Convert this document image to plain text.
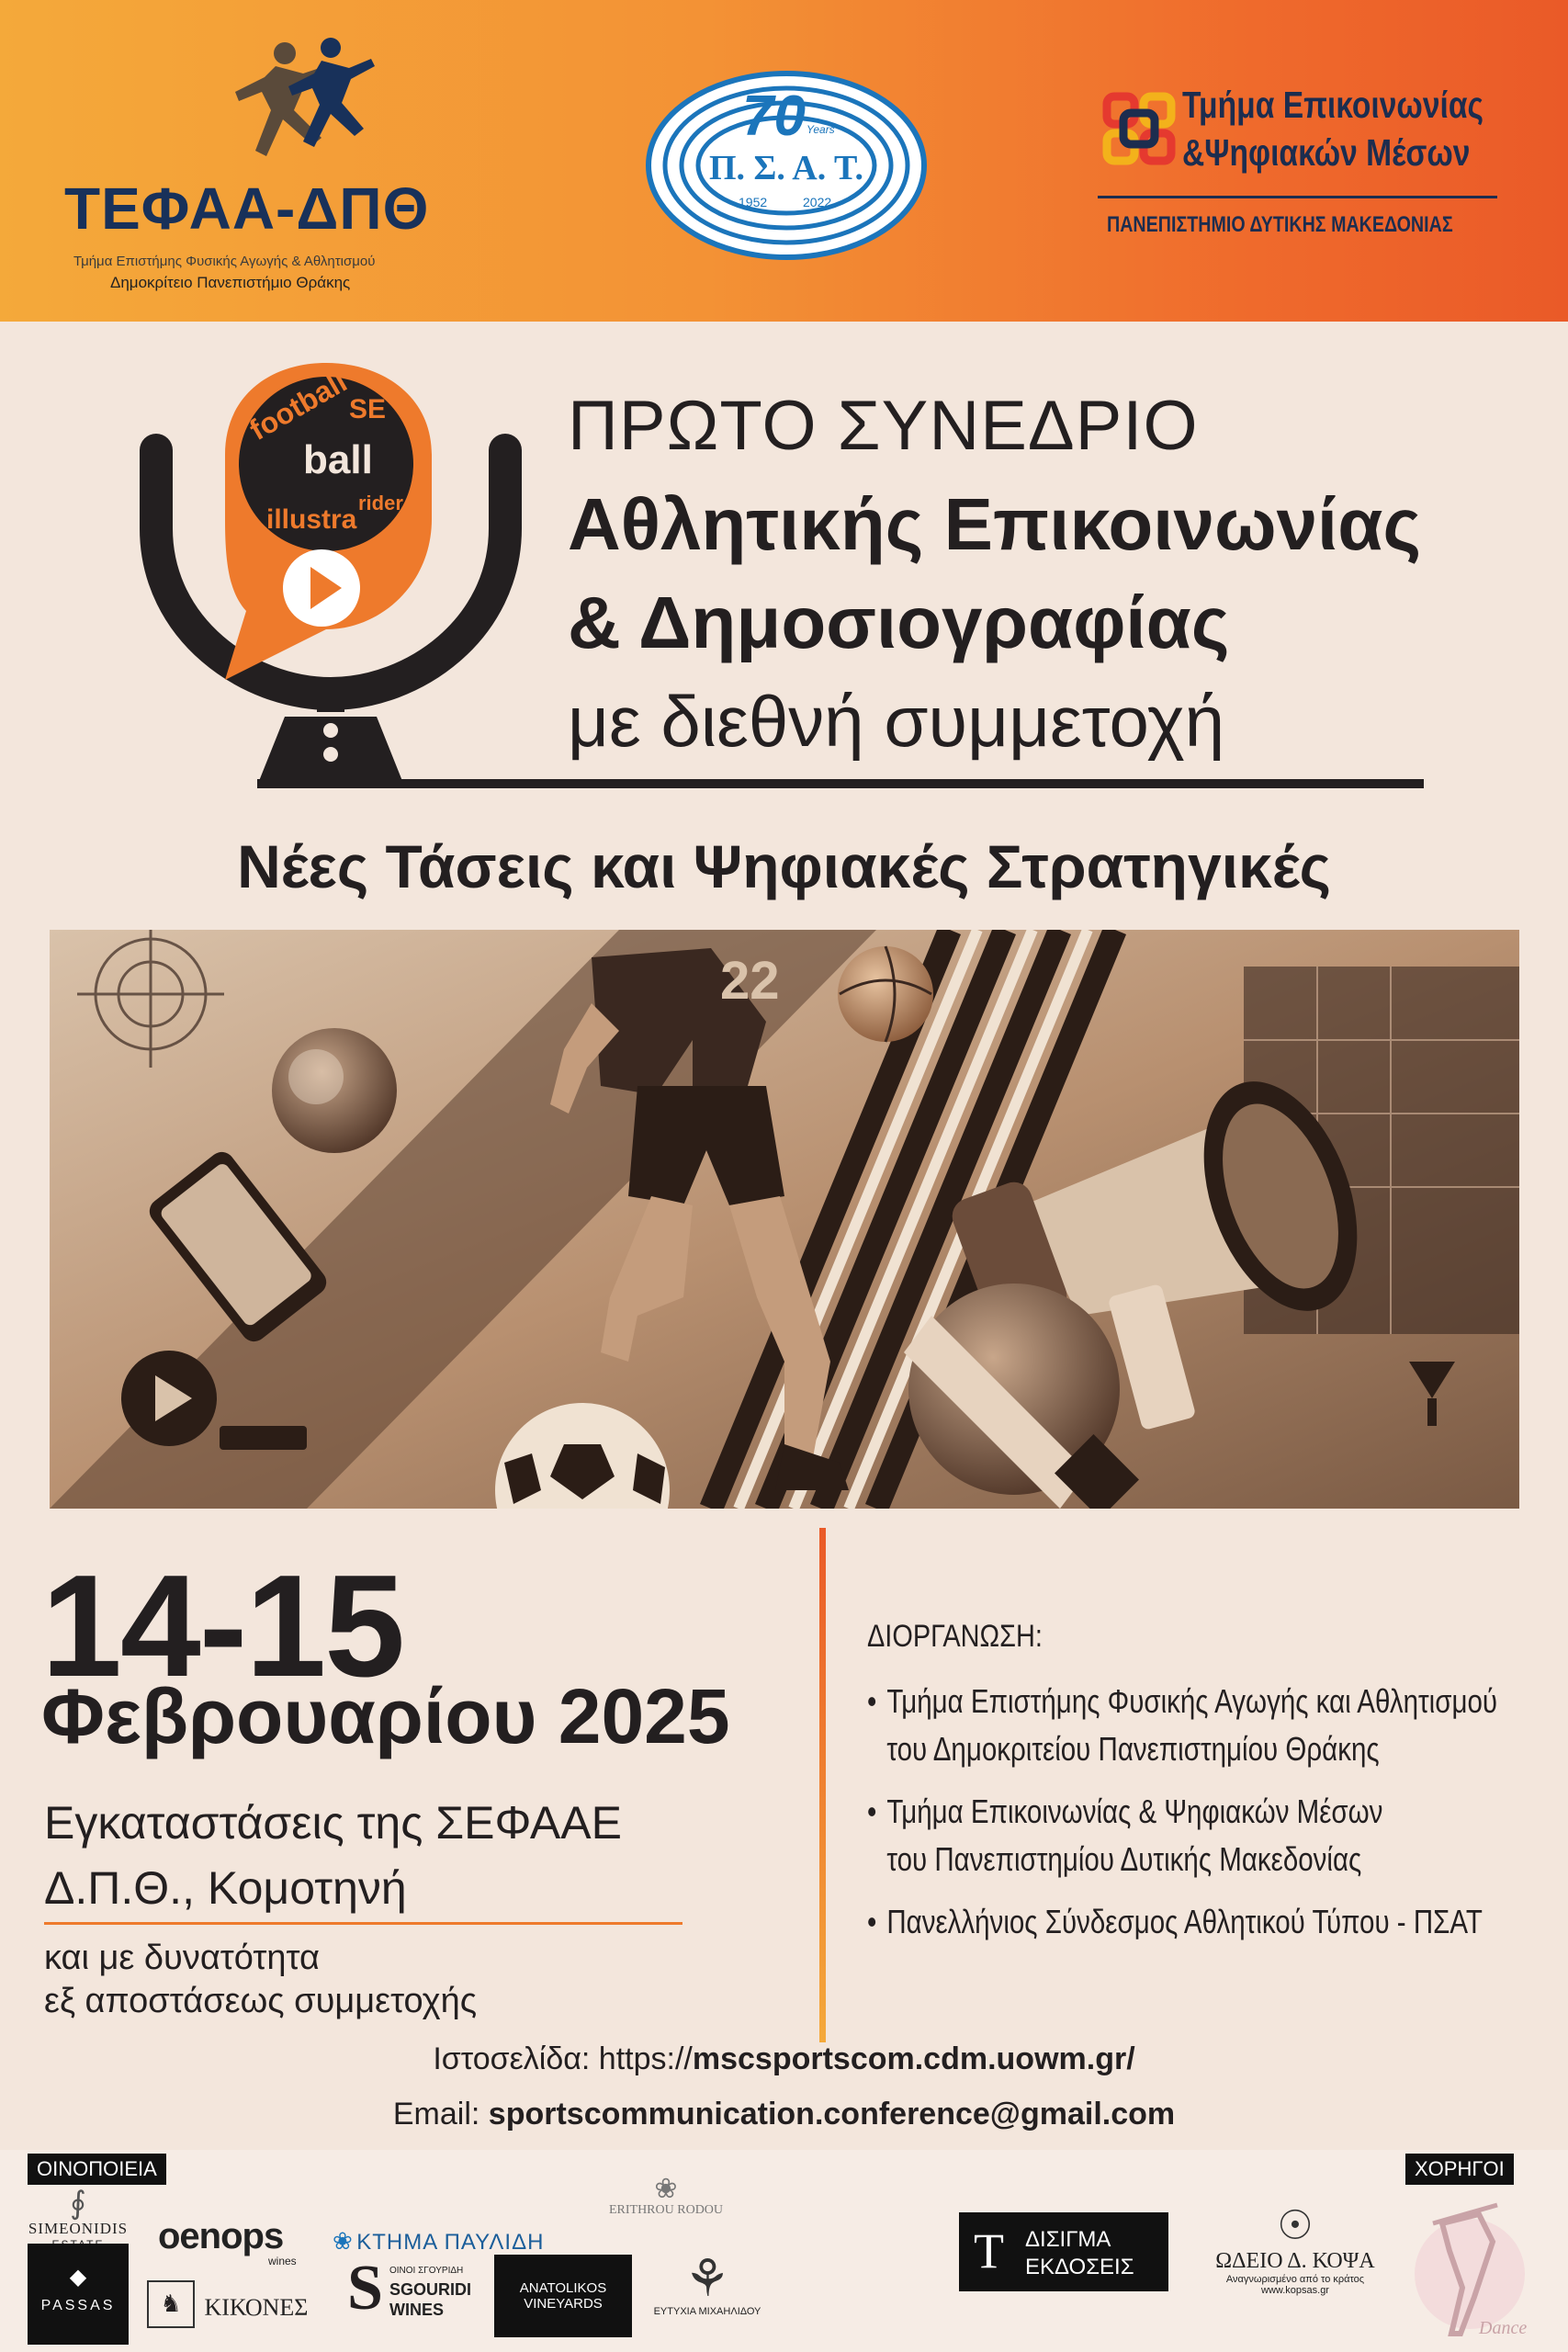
ΤΕΦΑΑ-ΔΠΘ
Τμήμα Επιστήμης Φυσικής Αγωγής & Αθλητισμού
Δημοκρίτειο Πανεπιστήμιο Θράκης
70 Years
Π. Σ. Α. Τ.
1952	2022
Τμήμα Επικοινωνίας
&Ψηφιακών Μέσων
ΠΑΝΕΠΙΣΤΗΜΙΟ ΔΥΤΙΚΗΣ ΜΑΚΕΔΟΝΙΑΣ
football
ball
SE
rider
illustra
ΠΡΩΤΟ ΣΥΝΕΔΡΙΟ
Αθλητικής Επικοινωνίας
& Δημοσιογραφίας
με διεθνή συμμετοχή
Νέες Τάσεις και Ψηφιακές Στρατηγικές
22
14-15
Φεβρουαρίου 2025
Εγκαταστάσεις της ΣΕΦΑΑΕ
Δ.Π.Θ., Κομοτηνή
και με δυνατότητα
εξ αποστάσεως συμμετοχής
ΔΙΟΡΓΑΝΩΣΗ:
• Τμήμα Επιστήμης Φυσικής Αγωγής και Αθλητισμού
του Δημοκριτείου Πανεπιστημίου Θράκης
• Τμήμα Επικοινωνίας & Ψηφιακών Μέσων
του Πανεπιστημίου Δυτικής Μακεδονίας
• Πανελλήνιος Σύνδεσμος Αθλητικού Τύπου - ΠΣΑΤ
Ιστοσελίδα: https://mscsportscom.cdm.uowm.gr/
Email: sportscommunication.conference@gmail.com
ΟΙΝΟΠΟΙΕΙΑ	ΧΟΡΗΓΟΙ
∮
SIMEONIDIS oenops
wines
❀ ΚΤΗΜΑ ΠΑΥΛΙΔΗ
❀
ERITHROU RODOU
◆
PASSAS	♞ ΚΙΚΟΝΕΣ S ΟΙΝΟΙ ΣΓΟΥΡΙΔΗ
SGOURIDI
WINES
ANATOLIKOS
VINEYARDS	⚘
ΕΥΤΥΧΙΑ ΜΙΧΑΗΛΙΔΟΥ
Τ ΔΙΣΙΓΜΑ
ΕΚΔΟΣΕΙΣ
☉
ΩΔΕΙΟ Δ. ΚΟΨΑ
Αναγνωρισμένο από το κράτος
www.kopsas.gr
Dance
